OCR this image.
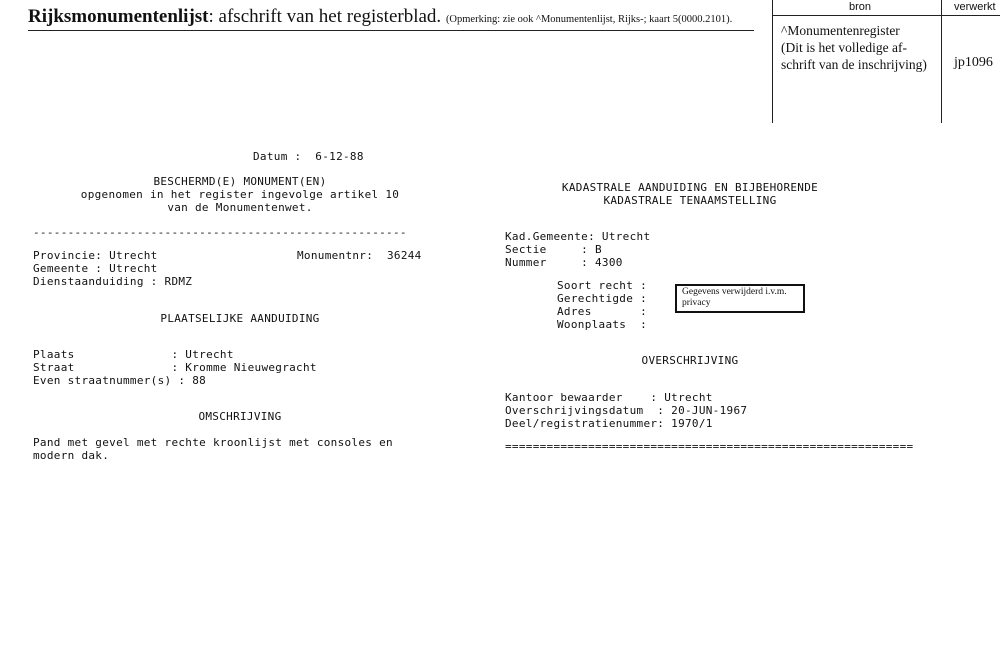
Rijksmonumentenlijst: afschrift van het registerblad. (Opmerking: zie ook ^Monumentenlijst, Rijks-; kaart 5(0000.2101).
bron	verwerkt
^Monumentenregister
(Dit is het volledige af-
schrift van de inschrijving)	jp1096
Datum :  6-12-88
BESCHERMD(E) MONUMENT(EN)
opgenomen in het register ingevolge artikel 10
van de Monumentenwet.
------------------------------------------------------
Provincie: Utrecht	Monumentnr:  36244
Gemeente : Utrecht
Dienstaanduiding : RDMZ
PLAATSELIJKE AANDUIDING
Plaats              : Utrecht
Straat              : Kromme Nieuwegracht
Even straatnummer(s) : 88
OMSCHRIJVING
Pand met gevel met rechte kroonlijst met consoles en
modern dak.
KADASTRALE AANDUIDING EN BIJBEHORENDE
KADASTRALE TENAAMSTELLING
Kad.Gemeente: Utrecht
Sectie     : B
Nummer     : 4300
Soort recht :
Gerechtigde :
Adres       :
Woonplaats  :
Gegevens verwijderd i.v.m. privacy
OVERSCHRIJVING
Kantoor bewaarder    : Utrecht
Overschrijvingsdatum  : 20-JUN-1967
Deel/registratienummer: 1970/1
===========================================================
